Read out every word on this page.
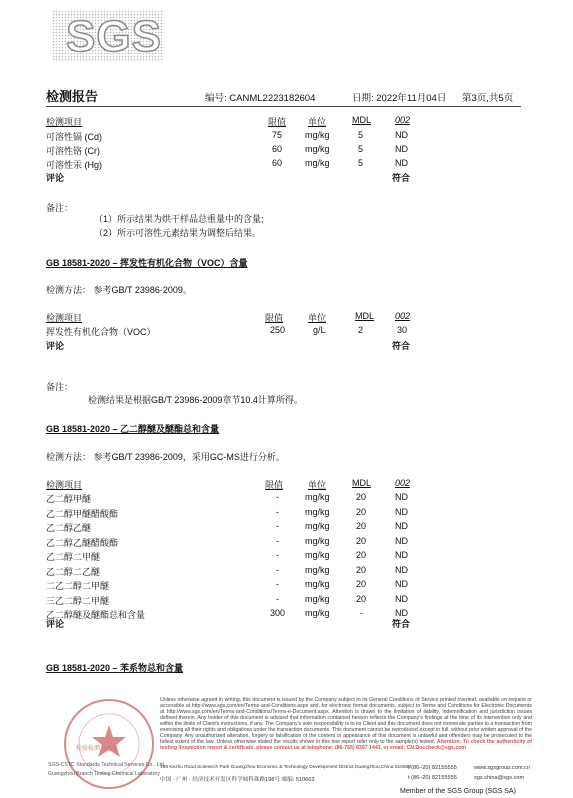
SGS
检测报告	编号: CANML2223182604	日期: 2022年11月04日 第3页,共5页
检测项目	限值 单位	MDL	002
可溶性镉 (Cd)	75	mg/kg	5	ND
可溶性铬 (Cr)	60	mg/kg	5	ND
可溶性汞 (Hg)	60	mg/kg	5	ND
评论	符合
备注：
（1）所示结果为烘干样品总重量中的含量;
（2）所示可溶性元素结果为调整后结果。
GB 18581-2020 – 挥发性有机化合物（VOC）含量
检测方法： 参考GB/T 23986-2009。
检测项目	限值	单位	MDL 002
挥发性有机化合物（VOC）	250	g/L	2	30
评论	符合
备注：
检测结果是根据GB/T 23986-2009章节10.4计算所得。
GB 18581-2020 – 乙二醇醚及醚酯总和含量
检测方法： 参考GB/T 23986-2009，采用GC-MS进行分析。
检测项目	限值	单位	MDL	002
乙二醇甲醚	-	mg/kg	20	ND
乙二醇甲醚醋酸酯	-	mg/kg	20	ND
乙二醇乙醚	-	mg/kg	20	ND
乙二醇乙醚醋酸酯	-	mg/kg	20	ND
乙二醇二甲醚	-	mg/kg	20	ND
乙二醇二乙醚	-	mg/kg	20	ND
二乙二醇二甲醚	-	mg/kg	20	ND
三乙二醇二甲醚	-	mg/kg	20	ND
乙二醇醚及醚酯总和含量	300 mg/kg	-	ND
评论	符合
GB 18581-2020 – 苯系物总和含量
检验检测专用章
SGS-CSTC Standards Technical Services Co., Ltd.
Guangzhou Branch Testing Chemical Laboratory
Unless otherwise agreed in writing, this document is issued by the Company subject to its General Conditions of Service printed overleaf, available on request or accessible at http://www.sgs.com/en/Terms-and-Conditions.aspx and, for electronic format documents, subject to Terms and Conditions for Electronic Documents at http://www.sgs.com/en/Terms-and-Conditions/Terms-e-Document.aspx. Attention is drawn to the limitation of liability, indemnification and jurisdiction issues defined therein. Any holder of this document is advised that information contained hereon reflects the Company's findings at the time of its intervention only and within the limits of Client's instructions, if any. The Company's sole responsibility is to its Client and this document does not exonerate parties to a transaction from exercising all their rights and obligations under the transaction documents. This document cannot be reproduced except in full, without prior written approval of the Company. Any unauthorized alteration, forgery or falsification of the content or appearance of this document is unlawful and offenders may be prosecuted to the fullest extent of the law. Unless otherwise stated the results shown in this test report refer only to the sample(s) tested. Attention: To check the authenticity of testing /inspection report & certificate, please contact us at telephone: (86-755) 8307 1443, or email: CN.Doccheck@sgs.com
198 Kezhu Road,Scientech Park Guangzhou Economic & Technology Development District,Guangzhou,China 510663
中国 · 广州 · 经济技术开发区科学城科珠路198号 邮编: 510663
t (86–20) 82155555
t (86–20) 82155555
www.sgsgroup.com.cn
sgs.china@sgs.com
Member of the SGS Group (SGS SA)
